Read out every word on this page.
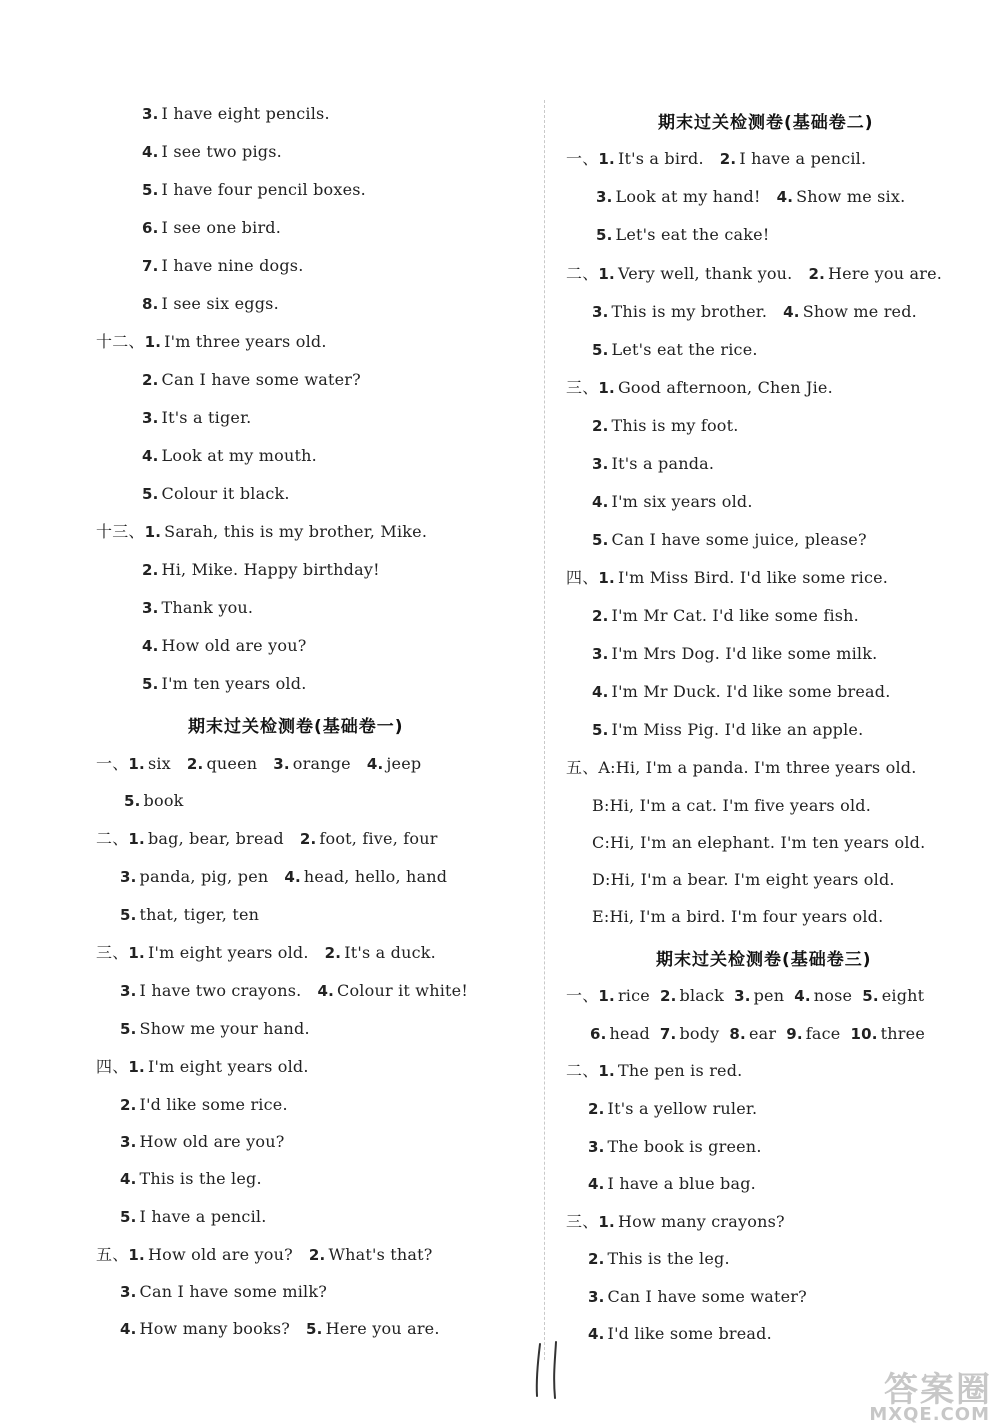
3. I have eight pencils.
4. I see two pigs.
5. I have four pencil boxes.
6. I see one bird.
7. I have nine dogs.
8. I see six eggs.
十二、1. I'm three years old.
2. Can I have some water?
3. It's a tiger.
4. Look at my mouth.
5. Colour it black.
十三、1. Sarah, this is my brother, Mike.
2. Hi, Mike. Happy birthday!
3. Thank you.
4. How old are you?
5. I'm ten years old.
期末过关检测卷(基础卷一)
一、1. six 2. queen 3. orange 4. jeep
5. book
二、1. bag, bear, bread 2. foot, five, four
3. panda, pig, pen 4. head, hello, hand
5. that, tiger, ten
三、1. I'm eight years old. 2. It's a duck.
3. I have two crayons. 4. Colour it white!
5. Show me your hand.
四、1. I'm eight years old.
2. I'd like some rice.
3. How old are you?
4. This is the leg.
5. I have a pencil.
五、1. How old are you? 2. What's that?
3. Can I have some milk?
4. How many books? 5. Here you are.
期末过关检测卷(基础卷二)
一、1. It's a bird. 2. I have a pencil.
3. Look at my hand! 4. Show me six.
5. Let's eat the cake!
二、1. Very well, thank you. 2. Here you are.
3. This is my brother. 4. Show me red.
5. Let's eat the rice.
三、1. Good afternoon, Chen Jie.
2. This is my foot.
3. It's a panda.
4. I'm six years old.
5. Can I have some juice, please?
四、1. I'm Miss Bird. I'd like some rice.
2. I'm Mr Cat. I'd like some fish.
3. I'm Mrs Dog. I'd like some milk.
4. I'm Mr Duck. I'd like some bread.
5. I'm Miss Pig. I'd like an apple.
五、A:Hi, I'm a panda. I'm three years old.
B:Hi, I'm a cat. I'm five years old.
C:Hi, I'm an elephant. I'm ten years old.
D:Hi, I'm a bear. I'm eight years old.
E:Hi, I'm a bird. I'm four years old.
期末过关检测卷(基础卷三)
一、1. rice 2. black 3. pen 4. nose 5. eight
6. head 7. body 8. ear 9. face 10. three
二、1. The pen is red.
2. It's a yellow ruler.
3. The book is green.
4. I have a blue bag.
三、1. How many crayons?
2. This is the leg.
3. Can I have some water?
4. I'd like some bread.
答案圈
MXQE.COM
